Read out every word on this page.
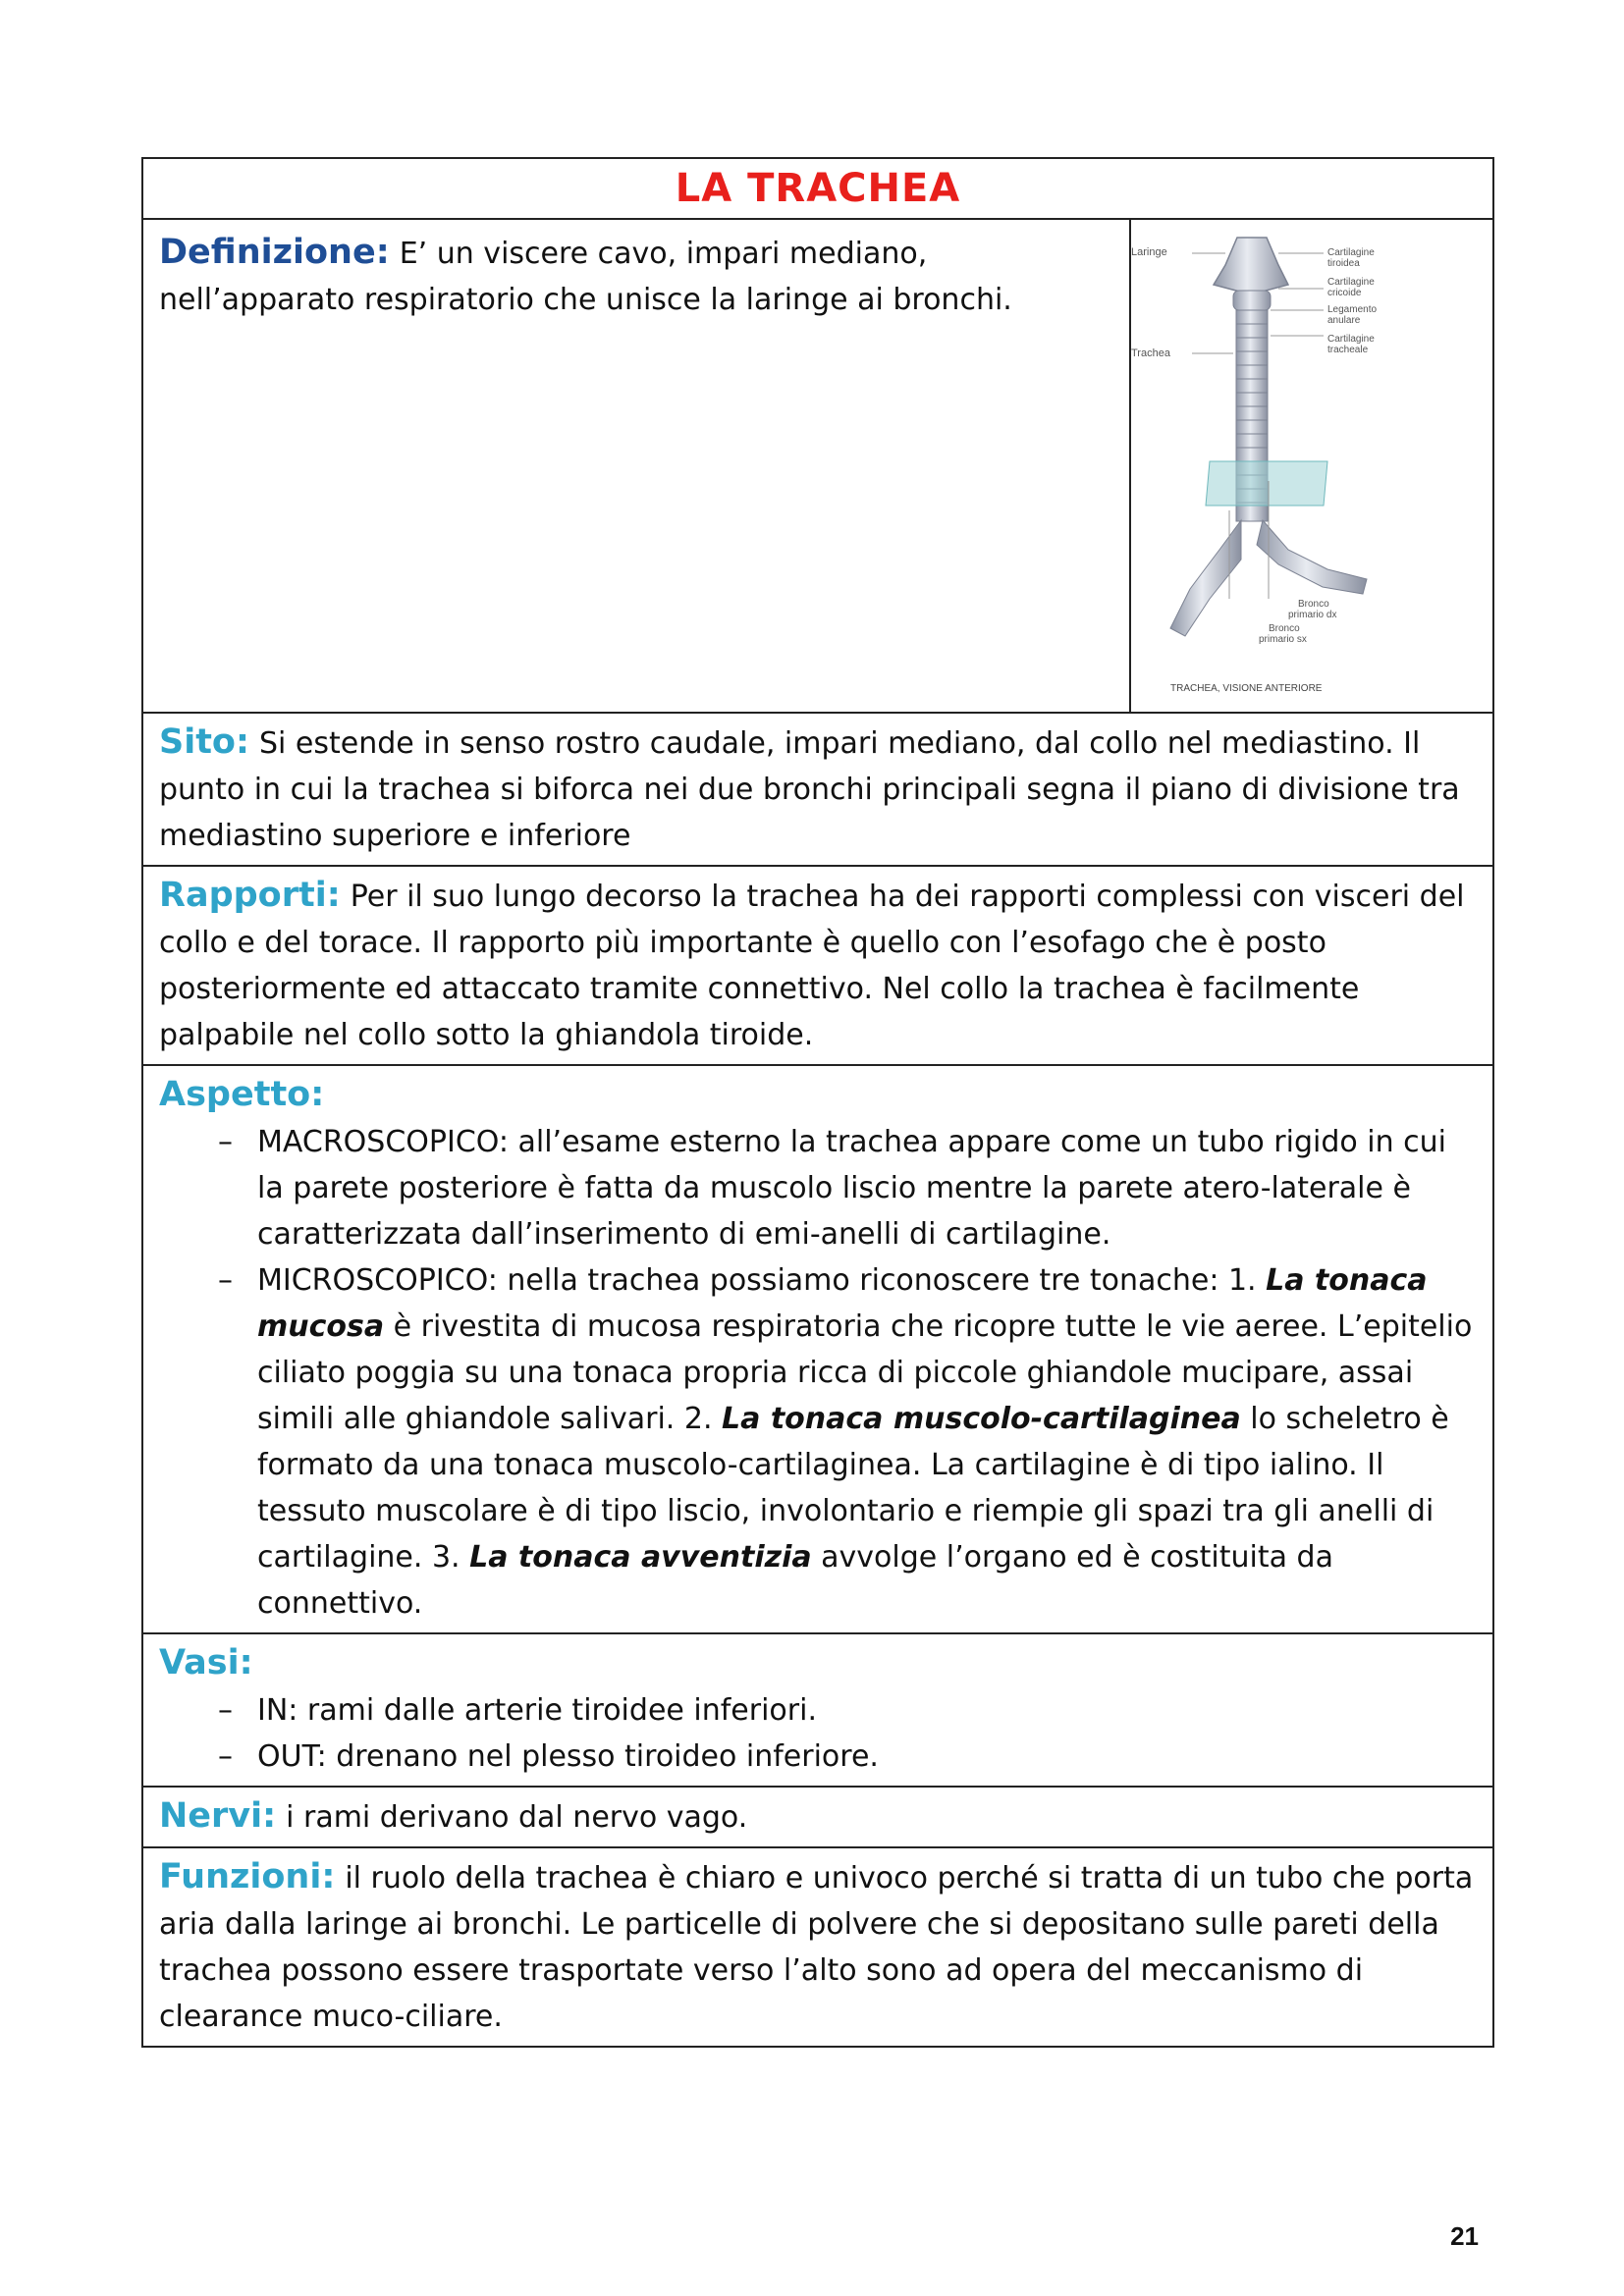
LA TRACHEA

Definizione: E’ un viscere cavo, impari mediano, nell’apparato respiratorio che unisce la laringe ai bronchi.

Laringe
Trachea
Cartilagine
tiroidea
Cartilagine
cricoide
Legamento
anulare
Cartilagine
tracheale
Bronco
primario dx
Bronco
primario sx
TRACHEA, VISIONE ANTERIORE

Sito: Si estende in senso rostro caudale, impari mediano, dal collo nel mediastino. Il punto in cui la trachea si biforca nei due bronchi principali segna il piano di divisione tra mediastino superiore e inferiore

Rapporti: Per il suo lungo decorso la trachea ha dei rapporti complessi con visceri del collo e del torace. Il rapporto più importante è quello con l’esofago che è posto posteriormente ed attaccato tramite connettivo. Nel collo la trachea è facilmente palpabile nel collo sotto la ghiandola tiroide.

Aspetto:

– MACROSCOPICO: all’esame esterno la trachea appare come un tubo rigido in cui la parete posteriore è fatta da muscolo liscio mentre la parete atero-laterale è caratterizzata dall’inserimento di emi-anelli di cartilagine.
– MICROSCOPICO: nella trachea possiamo riconoscere tre tonache: 1. La tonaca mucosa è rivestita di mucosa respiratoria che ricopre tutte le vie aeree. L’epitelio ciliato poggia su una tonaca propria ricca di piccole ghiandole mucipare, assai simili alle ghiandole salivari. 2. La tonaca muscolo-cartilaginea lo scheletro è formato da una tonaca muscolo-cartilaginea. La cartilagine è di tipo ialino. Il tessuto muscolare è di tipo liscio, involontario e riempie gli spazi tra gli anelli di cartilagine. 3. La tonaca avventizia avvolge l’organo ed è costituita da connettivo.

Vasi:

– IN: rami dalle arterie tiroidee inferiori.
– OUT: drenano nel plesso tiroideo inferiore.

Nervi: i rami derivano dal nervo vago.

Funzioni: il ruolo della trachea è chiaro e univoco perché si tratta di un tubo che porta aria dalla laringe ai bronchi. Le particelle di polvere che si depositano sulle pareti della trachea possono essere trasportate verso l’alto sono ad opera del meccanismo di clearance muco-ciliare.

21
